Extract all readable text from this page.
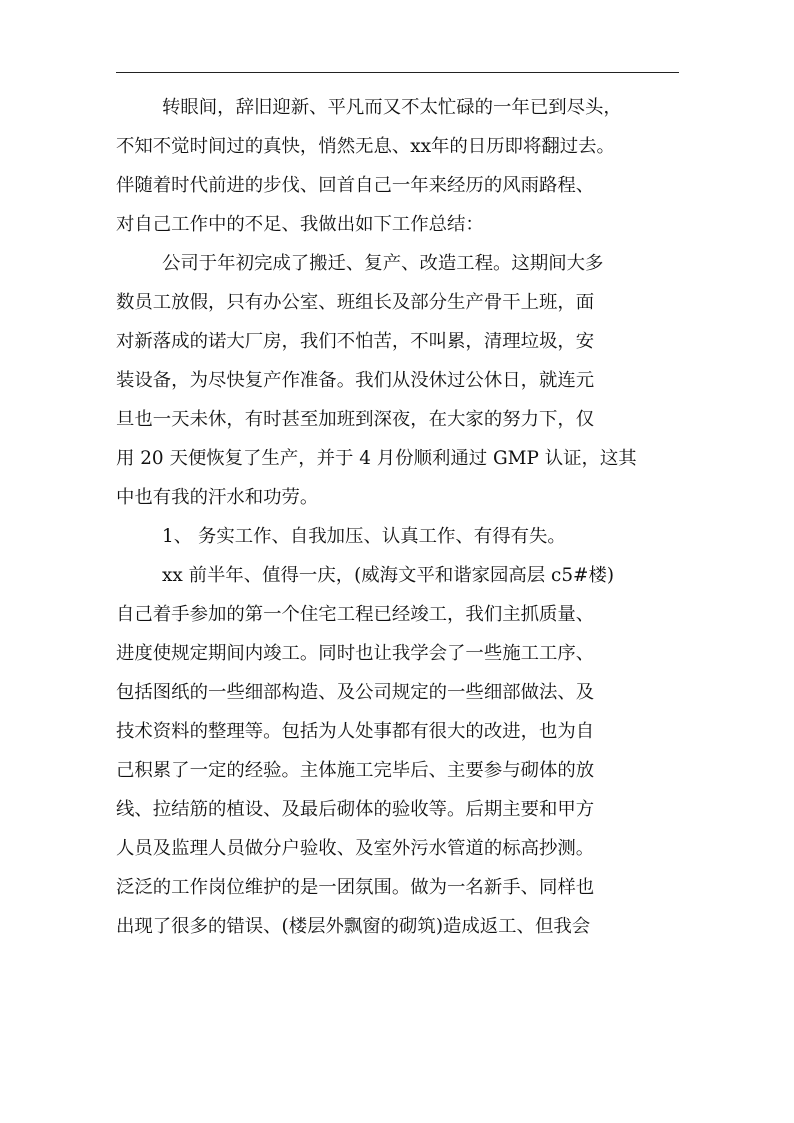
转眼间，辞旧迎新、平凡而又不太忙碌的一年已到尽头，
不知不觉时间过的真快，悄然无息、xx年的日历即将翻过去。
伴随着时代前进的步伐、回首自己一年来经历的风雨路程、
对自己工作中的不足、我做出如下工作总结：
公司于年初完成了搬迁、复产、改造工程。这期间大多
数员工放假，只有办公室、班组长及部分生产骨干上班，面
对新落成的诺大厂房，我们不怕苦，不叫累，清理垃圾，安
装设备，为尽快复产作准备。我们从没休过公休日，就连元
旦也一天未休，有时甚至加班到深夜，在大家的努力下，仅
用 20 天便恢复了生产，并于 4 月份顺利通过 GMP 认证，这其
中也有我的汗水和功劳。
1、 务实工作、自我加压、认真工作、有得有失。
xx 前半年、值得一庆，(威海文平和谐家园高层 c5#楼)
自己着手参加的第一个住宅工程已经竣工，我们主抓质量、
进度使规定期间内竣工。同时也让我学会了一些施工工序、
包括图纸的一些细部构造、及公司规定的一些细部做法、及
技术资料的整理等。包括为人处事都有很大的改进，也为自
己积累了一定的经验。主体施工完毕后、主要参与砌体的放
线、拉结筋的植设、及最后砌体的验收等。后期主要和甲方
人员及监理人员做分户验收、及室外污水管道的标高抄测。
泛泛的工作岗位维护的是一团氛围。做为一名新手、同样也
出现了很多的错误、(楼层外飘窗的砌筑)造成返工、但我会
